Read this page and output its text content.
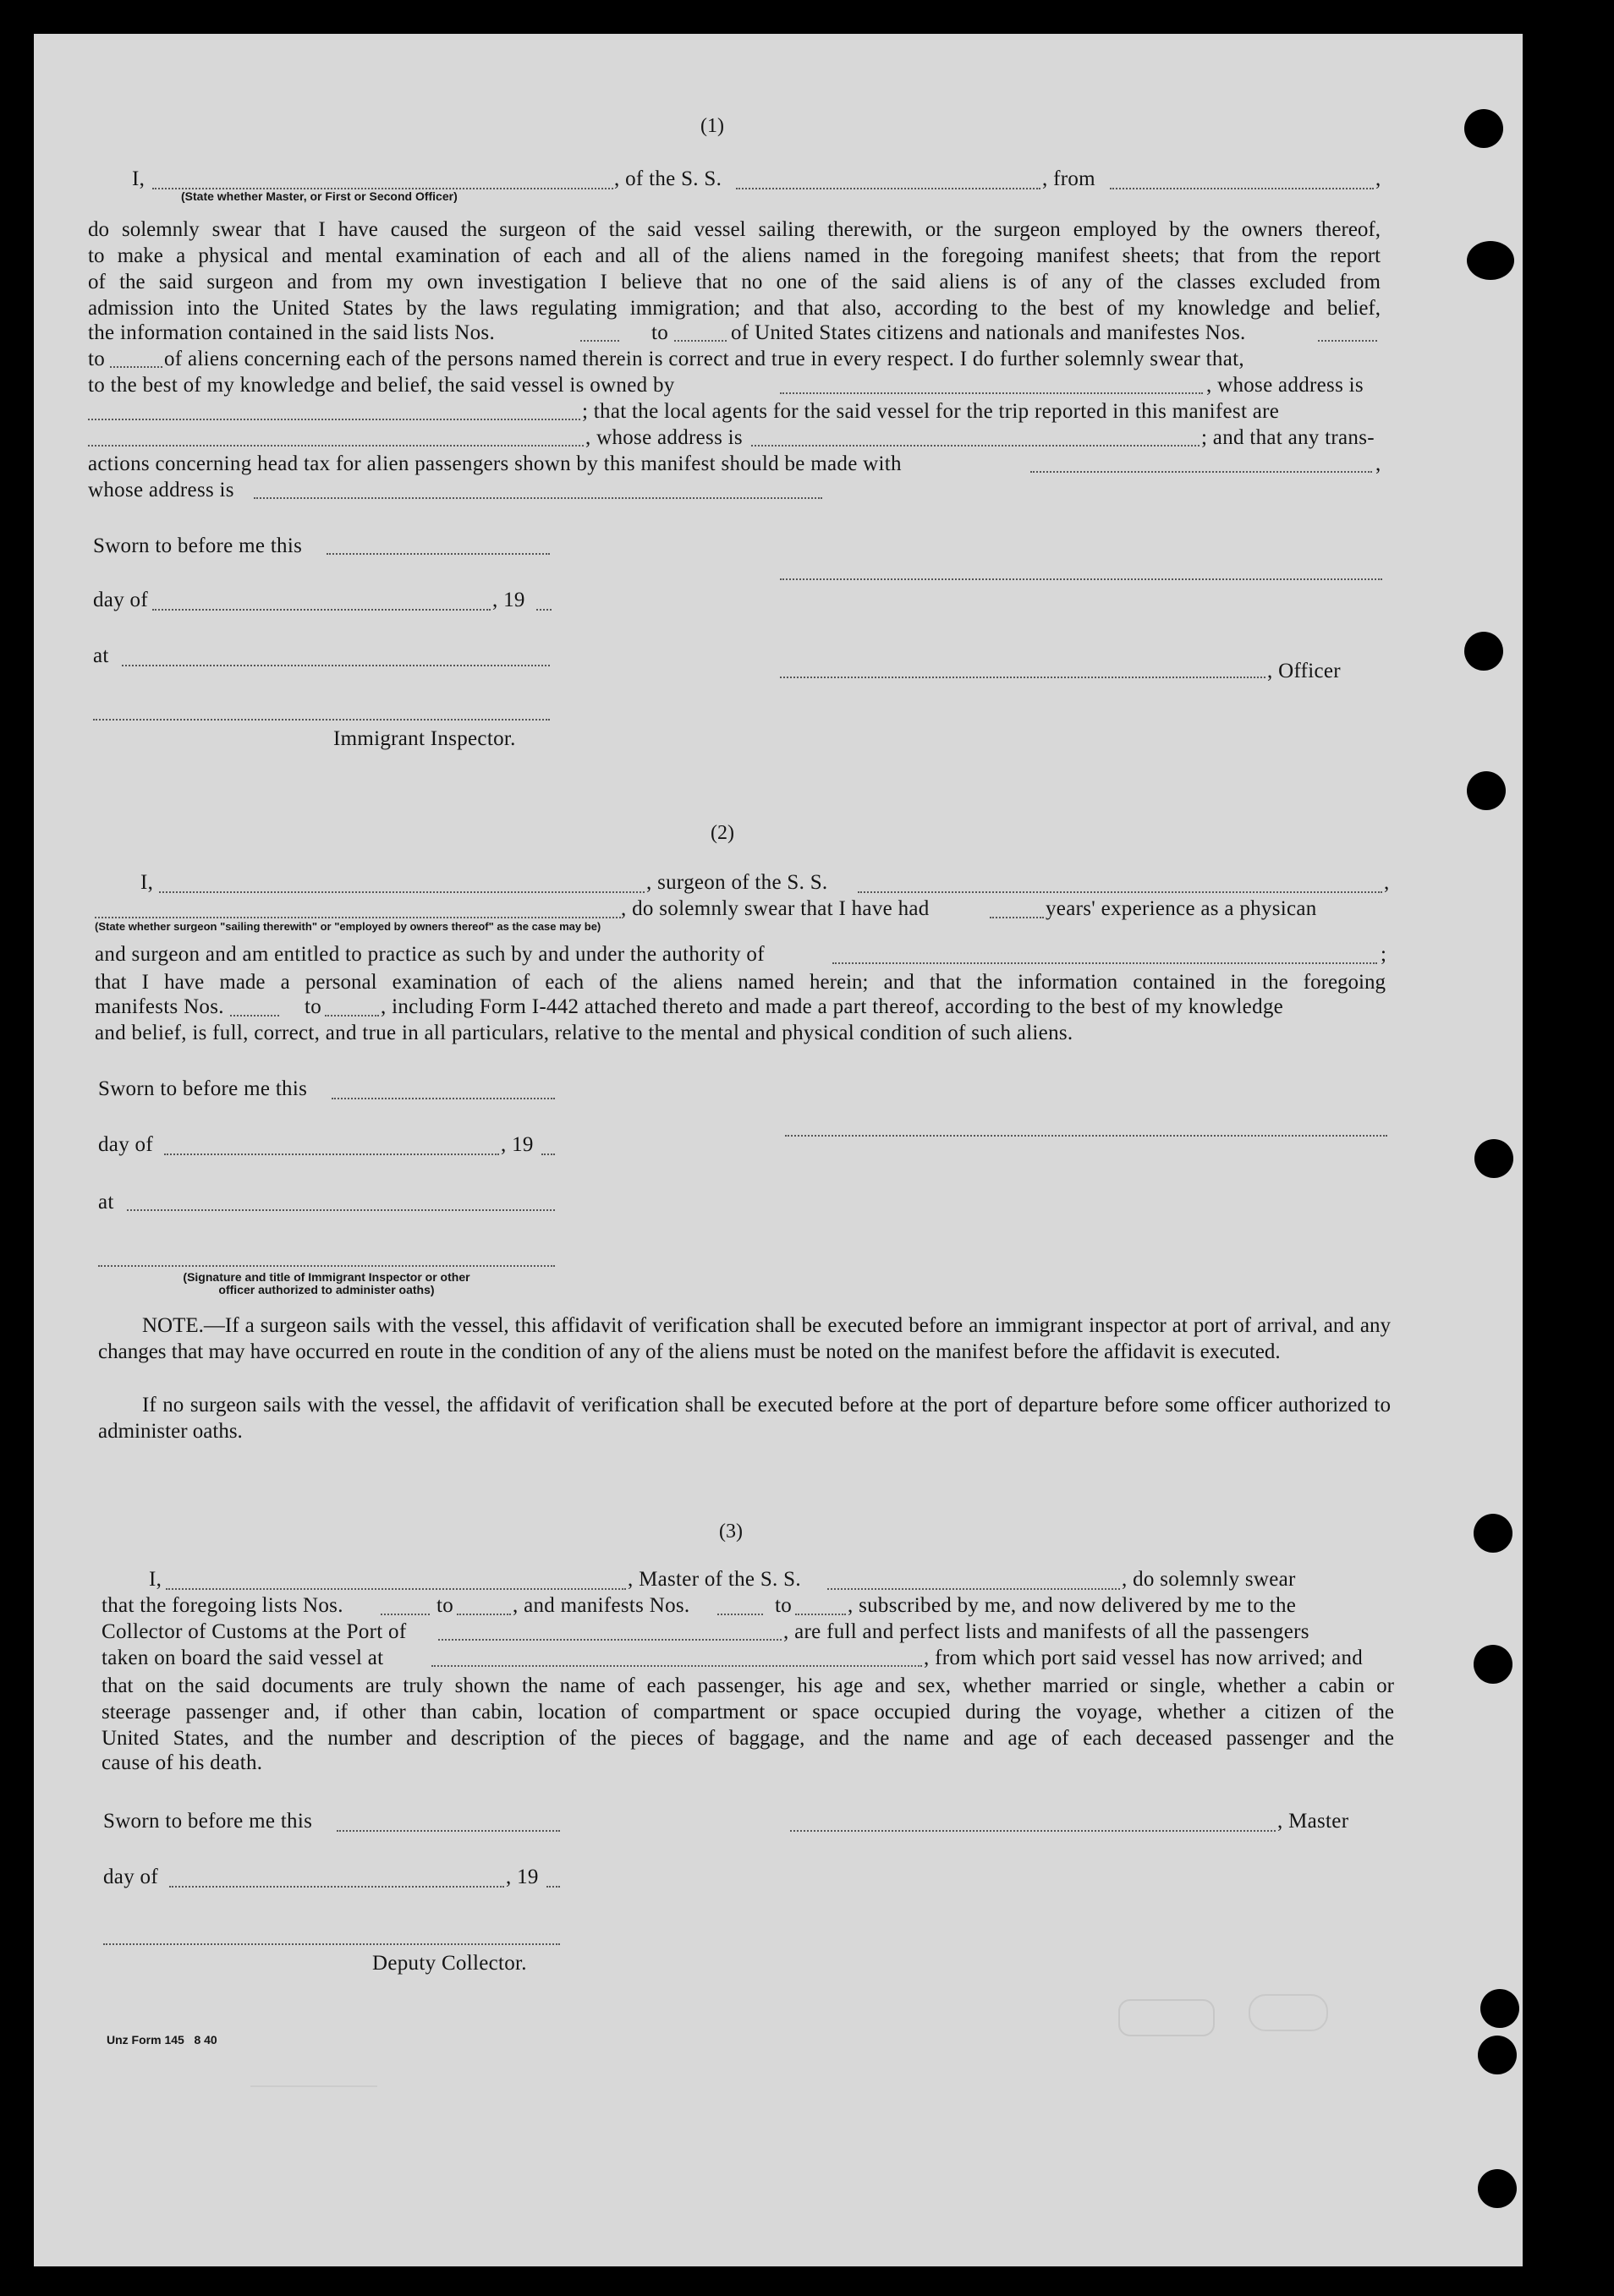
(1)
I,
(State whether Master, or First or Second Officer)
, of the S. S.	, from	,
do solemnly swear that I have caused the surgeon of the said vessel sailing therewith, or the surgeon employed by the owners thereof,
to make a physical and mental examination of each and all of the aliens named in the foregoing manifest sheets; that from the report
of the said surgeon and from my own investigation I believe that no one of the said aliens is of any of the classes excluded from
admission into the United States by the laws regulating immigration; and that also, according to the best of my knowledge and belief,
the information contained in the said lists Nos.	to	of United States citizens and nationals and manifestes Nos.
to	of aliens concerning each of the persons named therein is correct and true in every respect. I do further solemnly swear that,
to the best of my knowledge and belief, the said vessel is owned by	, whose address is
; that the local agents for the said vessel for the trip reported in this manifest are
, whose address is	; and that any trans-
actions concerning head tax for alien passengers shown by this manifest should be made with	,
whose address is
Sworn to before me this
day of	, 19
at
, Officer
Immigrant Inspector.
(2)
I,	, surgeon of the S. S.	,
, do solemnly swear that I have had	years' experience as a physican
(State whether surgeon "sailing therewith" or "employed by owners thereof" as the case may be)
and surgeon and am entitled to practice as such by and under the authority of	;
that I have made a personal examination of each of the aliens named herein; and that the information contained in the foregoing
manifests Nos.	to	, including Form I-442 attached thereto and made a part thereof, according to the best of my knowledge
and belief, is full, correct, and true in all particulars, relative to the mental and physical condition of such aliens.
Sworn to before me this
day of	, 19
at
(Signature and title of Immigrant Inspector or other
officer authorized to administer oaths)
NOTE.—If a surgeon sails with the vessel, this affidavit of verification shall be executed before an immigrant inspector at port of arrival, and any changes that may have occurred en route in the condition of any of the aliens must be noted on the manifest before the affidavit is executed.
If no surgeon sails with the vessel, the affidavit of verification shall be executed before at the port of departure before some officer authorized to administer oaths.
(3)
I,	, Master of the S. S.	, do solemnly swear
that the foregoing lists Nos.	to	, and manifests Nos.	to	, subscribed by me, and now delivered by me to the
Collector of Customs at the Port of	, are full and perfect lists and manifests of all the passengers
taken on board the said vessel at	, from which port said vessel has now arrived; and
that on the said documents are truly shown the name of each passenger, his age and sex, whether married or single, whether a cabin or
steerage passenger and, if other than cabin, location of compartment or space occupied during the voyage, whether a citizen of the
United States, and the number and description of the pieces of baggage, and the name and age of each deceased passenger and the
cause of his death.
Sworn to before me this	, Master
day of	, 19
Deputy Collector.
Unz Form 145   8 40
